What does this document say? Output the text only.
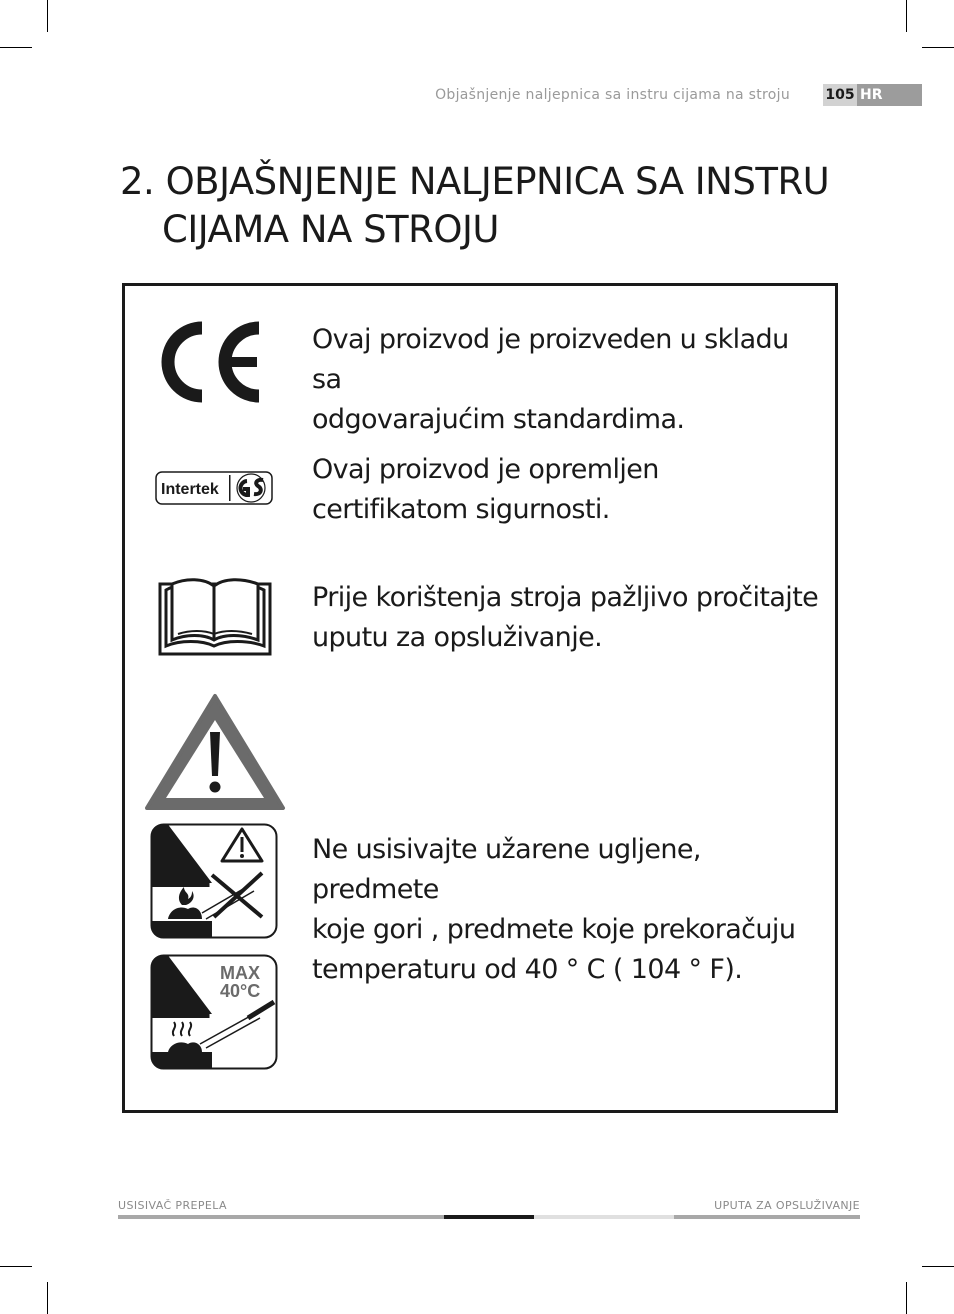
Objašnjenje naljepnica sa instru cijama na stroju	105 HR
2. OBJAŠNJENJE NALJEPNICA SA INSTRU
CIJAMA NA STROJU
Ovaj proizvod je proizveden u skladu sa
odgovarajućim standardima.
Intertek
Ovaj proizvod je opremljen
certifikatom sigurnosti.
Prije korištenja stroja pažljivo pročitajte
uputu za opsluživanje.
Ne usisivajte užarene ugljene, predmete
koje gori , predmete koje prekoračuju
temperaturu od 40 ° C ( 104 ° F).
MAX
40°C
USISIVAČ PREPELA	UPUTA ZA OPSLUŽIVANJE
